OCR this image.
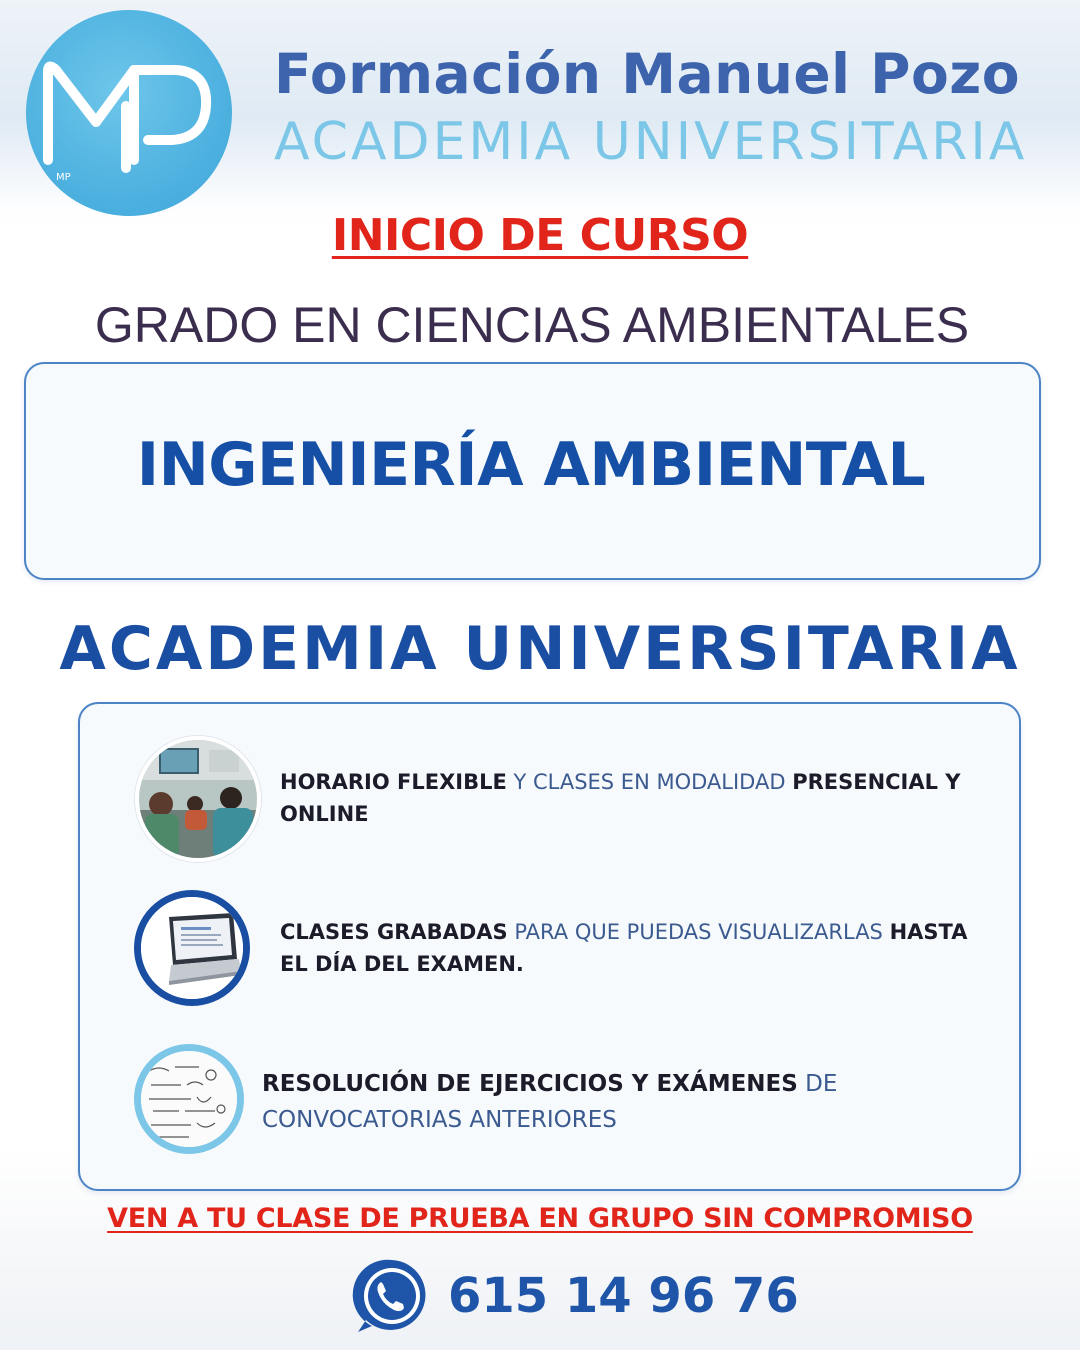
MP
Formación Manuel Pozo
ACADEMIA UNIVERSITARIA
INICIO DE CURSO
GRADO EN CIENCIAS AMBIENTALES
INGENIERÍA AMBIENTAL
ACADEMIA UNIVERSITARIA
HORARIO FLEXIBLE Y CLASES EN MODALIDAD PRESENCIAL Y ONLINE
CLASES GRABADAS PARA QUE PUEDAS VISUALIZARLAS HASTA EL DÍA DEL EXAMEN.
RESOLUCIÓN DE EJERCICIOS Y EXÁMENES DE CONVOCATORIAS ANTERIORES
VEN A TU CLASE DE PRUEBA EN GRUPO SIN COMPROMISO
615 14 96 76
